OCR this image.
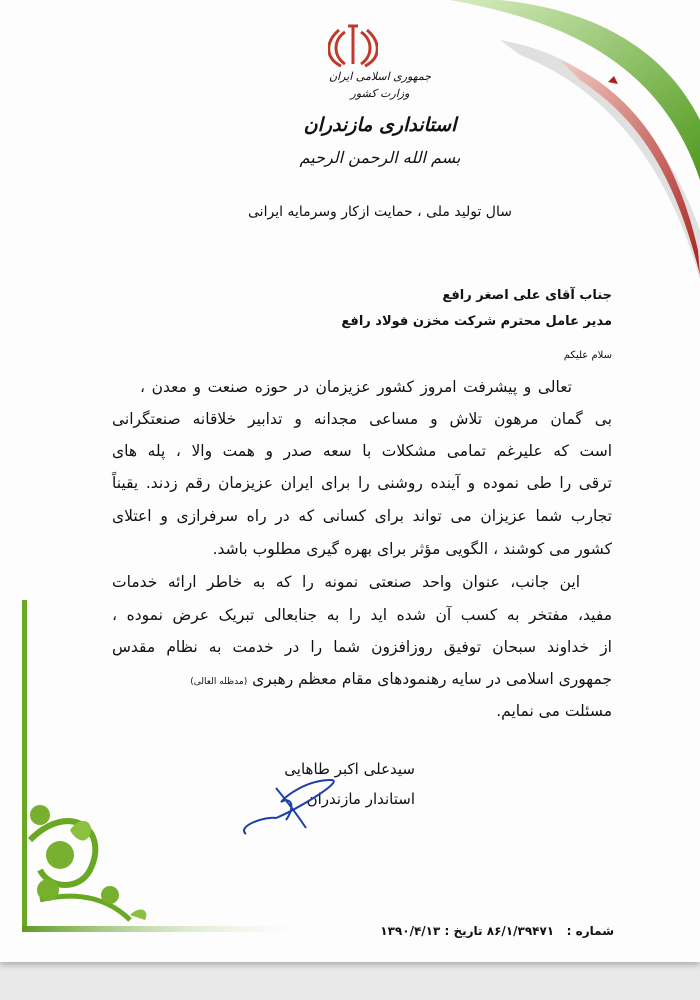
جمهوری اسلامی ایران
وزارت کشور
استانداری مازندران
بسم الله الرحمن الرحیم
سال تولید ملی ، حمایت ازکار وسرمایه ایرانی
جناب آقای علی اصغر رافع
مدیر عامل محترم شرکت مخزن فولاد رافع
سلام علیکم
تعالی و پیشرفت امروز کشور عزیزمان در حوزه صنعت و معدن ،
بی گمان مرهون تلاش و مساعی مجدانه و تدابیر خلاقانه صنعتگرانی
است که علیرغم تمامی مشکلات با سعه صدر و همت والا ، پله های
ترقی را طی نموده و آینده روشنی را برای ایران عزیزمان رقم زدند. یقیناً
تجارب شما عزیزان می تواند برای کسانی که در راه سرفرازی و اعتلای
کشور می کوشند ، الگویی مؤثر برای بهره گیری مطلوب باشد.
این جانب، عنوان واحد صنعتی نمونه را که به خاطر ارائه خدمات
مفید، مفتخر به کسب آن شده اید را به جنابعالی تبریک عرض نموده ،
از خداوند سبحان توفیق روزافزون شما را در خدمت به نظام مقدس
جمهوری اسلامی در سایه رهنمودهای مقام معظم رهبری (مدظله العالی)
مسئلت می نمایم.
سیدعلی اکبر طاهایی
استاندار مازندران
شماره :   ۸۶/۱/۳۹۴۷۱ تاریخ : ۱۳۹۰/۴/۱۳
